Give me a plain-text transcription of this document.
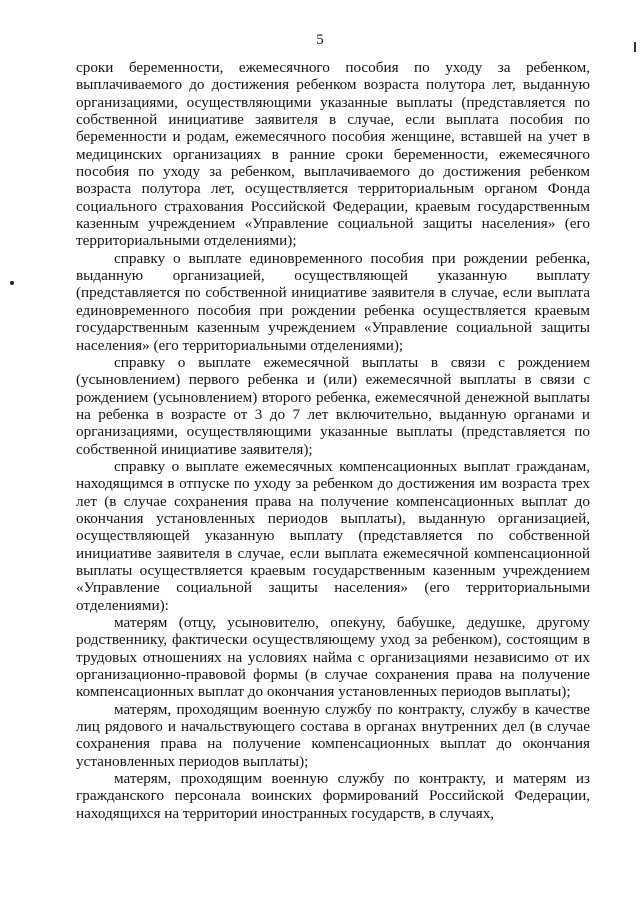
5

сроки беременности, ежемесячного пособия по уходу за ребенком, выплачиваемого до достижения ребенком возраста полутора лет, выданную организациями, осуществляющими указанные выплаты (представляется по собственной инициативе заявителя в случае, если выплата пособия по беременности и родам, ежемесячного пособия женщине, вставшей на учет в медицинских организациях в ранние сроки беременности, ежемесячного пособия по уходу за ребенком, выплачиваемого до достижения ребенком возраста полутора лет, осуществляется территориальным органом Фонда социального страхования Российской Федерации, краевым государственным казенным учреждением «Управление социальной защиты населения» (его территориальными отделениями);

справку о выплате единовременного пособия при рождении ребенка, выданную организацией, осуществляющей указанную выплату (представляется по собственной инициативе заявителя в случае, если выплата единовременного пособия при рождении ребенка осуществляется краевым государственным казенным учреждением «Управление социальной защиты населения» (его территориальными отделениями);

справку о выплате ежемесячной выплаты в связи с рождением (усыновлением) первого ребенка и (или) ежемесячной выплаты в связи с рождением (усыновлением) второго ребенка, ежемесячной денежной выплаты на ребенка в возрасте от 3 до 7 лет включительно, выданную органами и организациями, осуществляющими указанные выплаты (представляется по собственной инициативе заявителя);

справку о выплате ежемесячных компенсационных выплат гражданам, находящимся в отпуске по уходу за ребенком до достижения им возраста трех лет (в случае сохранения права на получение компенсационных выплат до окончания установленных периодов выплаты), выданную организацией, осуществляющей указанную выплату (представляется по собственной инициативе заявителя в случае, если выплата ежемесячной компенсационной выплаты осуществляется краевым государственным казенным учреждением «Управление социальной защиты населения» (его территориальными отделениями):

матерям (отцу, усыновителю, опекуну, бабушке, дедушке, другому родственнику, фактически осуществляющему уход за ребенком), состоящим в трудовых отношениях на условиях найма с организациями независимо от их организационно-правовой формы (в случае сохранения права на получение компенсационных выплат до окончания установленных периодов выплаты);

матерям, проходящим военную службу по контракту, службу в качестве лиц рядового и начальствующего состава в органах внутренних дел (в случае сохранения права на получение компенсационных выплат до окончания установленных периодов выплаты);

матерям, проходящим военную службу по контракту, и матерям из гражданского персонала воинских формирований Российской Федерации, находящихся на территории иностранных государств, в случаях,
